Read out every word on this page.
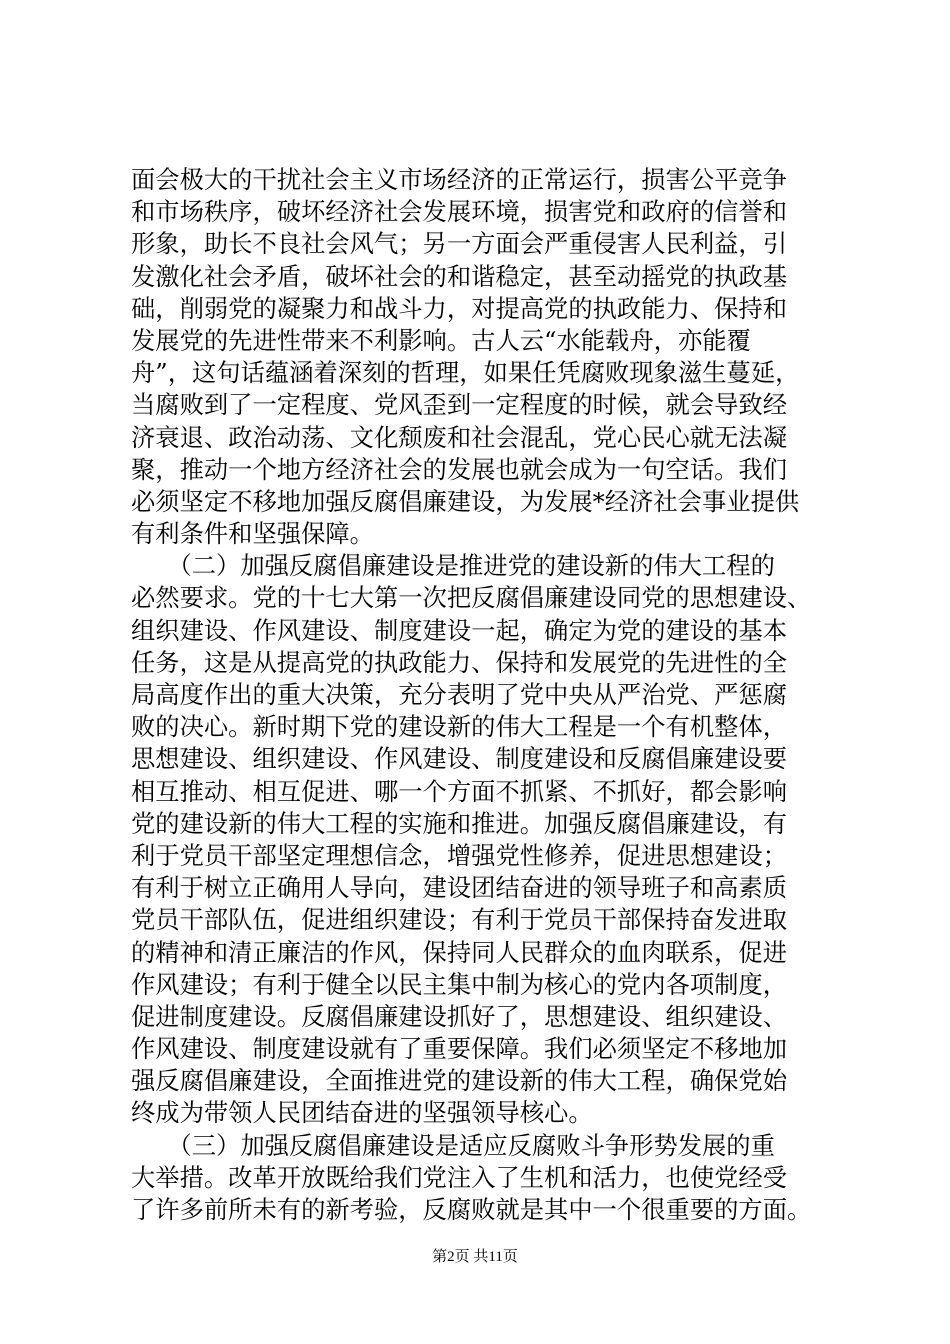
面会极大的干扰社会主义市场经济的正常运行，损害公平竞争
和市场秩序，破坏经济社会发展环境，损害党和政府的信誉和
形象，助长不良社会风气；另一方面会严重侵害人民利益，引
发激化社会矛盾，破坏社会的和谐稳定，甚至动摇党的执政基
础，削弱党的凝聚力和战斗力，对提高党的执政能力、保持和
发展党的先进性带来不利影响。古人云“水能载舟，亦能覆
舟”，这句话蕴涵着深刻的哲理，如果任凭腐败现象滋生蔓延，
当腐败到了一定程度、党风歪到一定程度的时候，就会导致经
济衰退、政治动荡、文化颓废和社会混乱，党心民心就无法凝
聚，推动一个地方经济社会的发展也就会成为一句空话。我们
必须坚定不移地加强反腐倡廉建设，为发展*经济社会事业提供
有利条件和坚强保障。
　　（二）加强反腐倡廉建设是推进党的建设新的伟大工程的
必然要求。党的十七大第一次把反腐倡廉建设同党的思想建设、
组织建设、作风建设、制度建设一起，确定为党的建设的基本
任务，这是从提高党的执政能力、保持和发展党的先进性的全
局高度作出的重大决策，充分表明了党中央从严治党、严惩腐
败的决心。新时期下党的建设新的伟大工程是一个有机整体，
思想建设、组织建设、作风建设、制度建设和反腐倡廉建设要
相互推动、相互促进、哪一个方面不抓紧、不抓好，都会影响
党的建设新的伟大工程的实施和推进。加强反腐倡廉建设，有
利于党员干部坚定理想信念，增强党性修养，促进思想建设；
有利于树立正确用人导向，建设团结奋进的领导班子和高素质
党员干部队伍，促进组织建设；有利于党员干部保持奋发进取
的精神和清正廉洁的作风，保持同人民群众的血肉联系，促进
作风建设；有利于健全以民主集中制为核心的党内各项制度，
促进制度建设。反腐倡廉建设抓好了，思想建设、组织建设、
作风建设、制度建设就有了重要保障。我们必须坚定不移地加
强反腐倡廉建设，全面推进党的建设新的伟大工程，确保党始
终成为带领人民团结奋进的坚强领导核心。
　　（三）加强反腐倡廉建设是适应反腐败斗争形势发展的重
大举措。改革开放既给我们党注入了生机和活力，也使党经受
了许多前所未有的新考验，反腐败就是其中一个很重要的方面。
第2页 共11页
